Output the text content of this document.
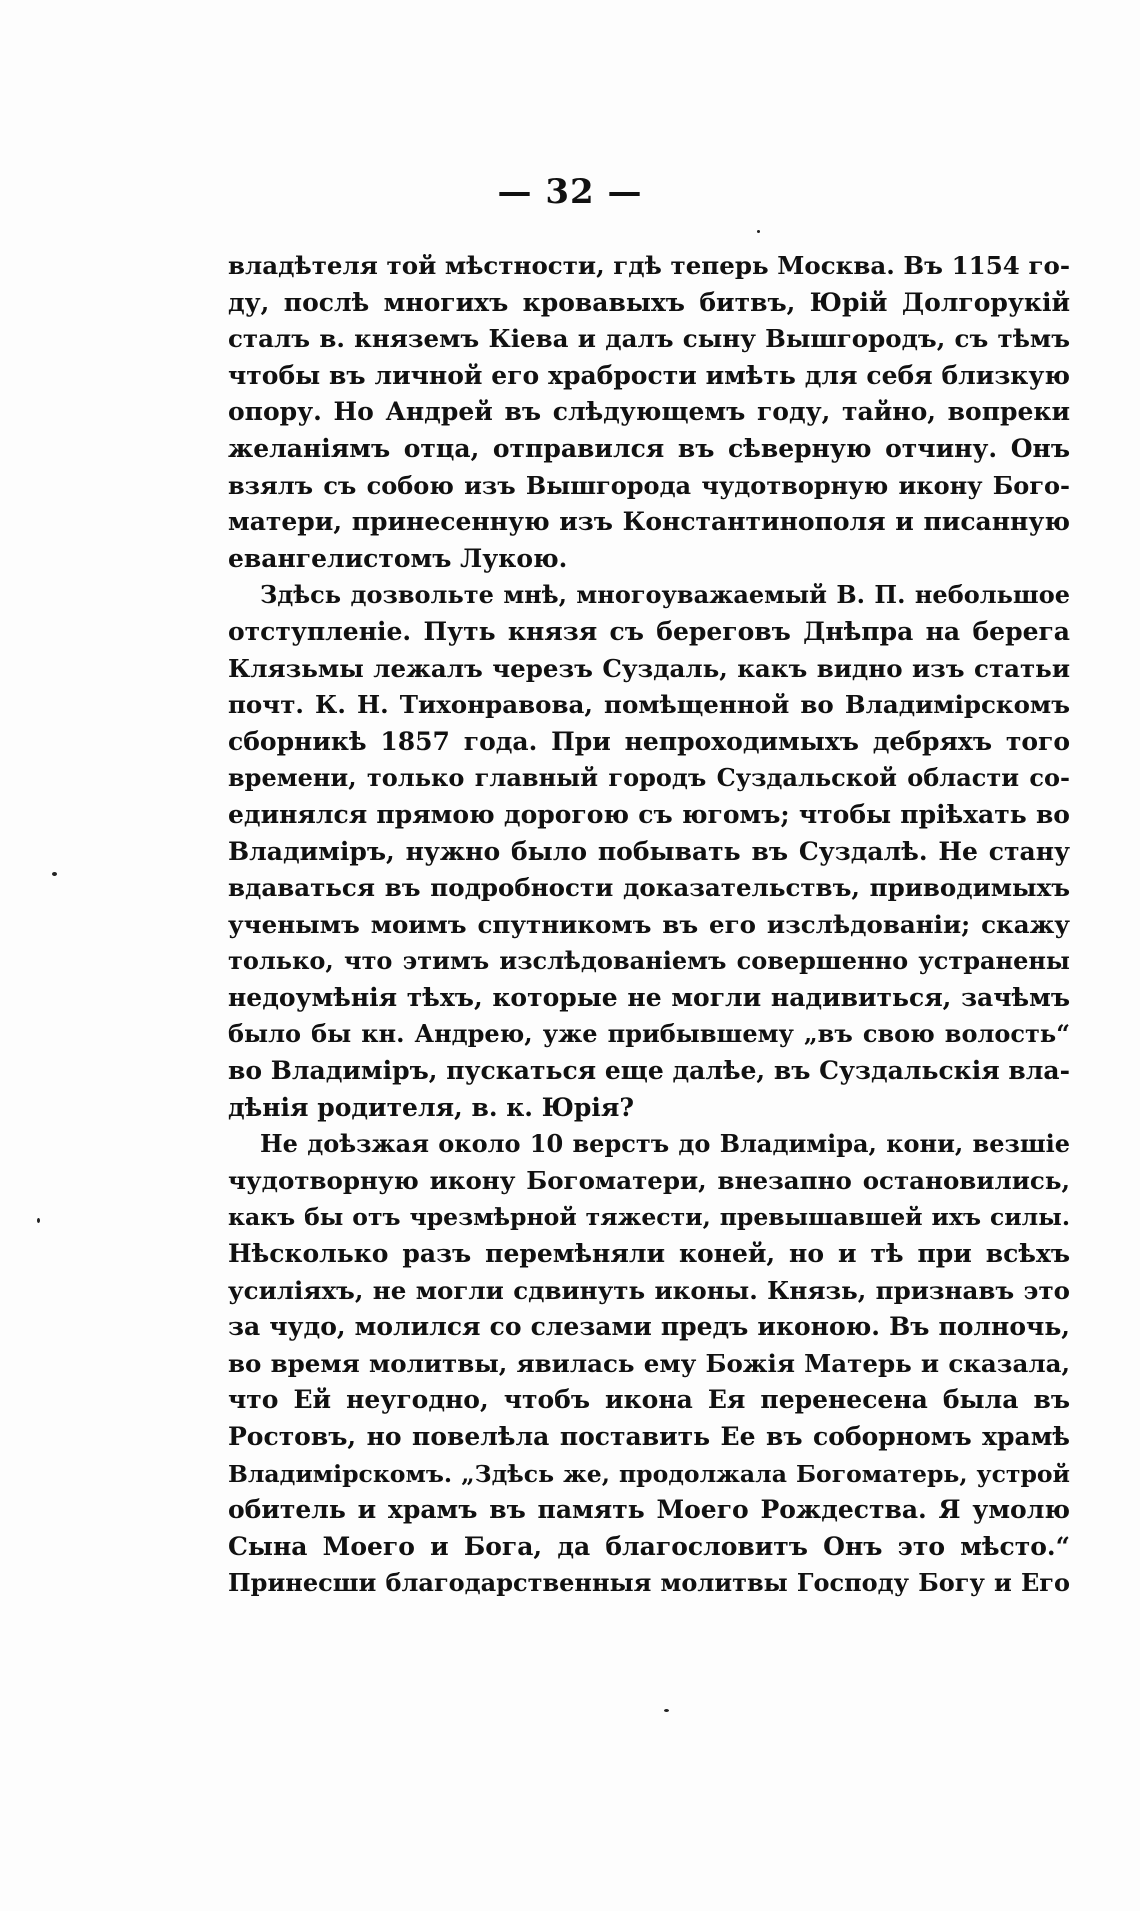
— 32 —
владѣтеля той мѣстности, гдѣ теперь Москва. Въ 1154 го-
ду, послѣ многихъ кровавыхъ битвъ, Юрій Долгорукій
сталъ в. княземъ Кіева и далъ сыну Вышгородъ, съ тѣмъ
чтобы въ личной его храбрости имѣть для себя близкую
опору. Но Андрей въ слѣдующемъ году, тайно, вопреки
желаніямъ отца, отправился въ сѣверную отчину. Онъ
взялъ съ собою изъ Вышгорода чудотворную икону Бого-
матери, принесенную изъ Константинополя и писанную
евангелистомъ Лукою.
Здѣсь дозвольте мнѣ, многоуважаемый В. П. небольшое
отступленіе. Путь князя съ береговъ Днѣпра на берега
Клязьмы лежалъ черезъ Суздаль, какъ видно изъ статьи
почт. К. Н. Тихонравова, помѣщенной во Владимірскомъ
сборникѣ 1857 года. При непроходимыхъ дебряхъ того
времени, только главный городъ Суздальской области со-
единялся прямою дорогою съ югомъ; чтобы пріѣхать во
Владиміръ, нужно было побывать въ Суздалѣ. Не стану
вдаваться въ подробности доказательствъ, приводимыхъ
ученымъ моимъ спутникомъ въ его изслѣдованіи; скажу
только, что этимъ изслѣдованіемъ совершенно устранены
недоумѣнія тѣхъ, которые не могли надивиться, зачѣмъ
было бы кн. Андрею, уже прибывшему „въ свою волость“
во Владиміръ, пускаться еще далѣе, въ Суздальскія вла-
дѣнія родителя, в. к. Юрія?
Не доѣзжая около 10 верстъ до Владиміра, кони, везшіе
чудотворную икону Богоматери, внезапно остановились,
какъ бы отъ чрезмѣрной тяжести, превышавшей ихъ силы.
Нѣсколько разъ перемѣняли коней, но и тѣ при всѣхъ
усиліяхъ, не могли сдвинуть иконы. Князь, признавъ это
за чудо, молился со слезами предъ иконою. Въ полночь,
во время молитвы, явилась ему Божія Матерь и сказала,
что Ей неугодно, чтобъ икона Ея перенесена была въ
Ростовъ, но повелѣла поставить Ее въ соборномъ храмѣ
Владимірскомъ. „Здѣсь же, продолжала Богоматерь, устрой
обитель и храмъ въ память Моего Рождества. Я умолю
Сына Моего и Бога, да благословитъ Онъ это мѣсто.“
Принесши благодарственныя молитвы Господу Богу и Его
